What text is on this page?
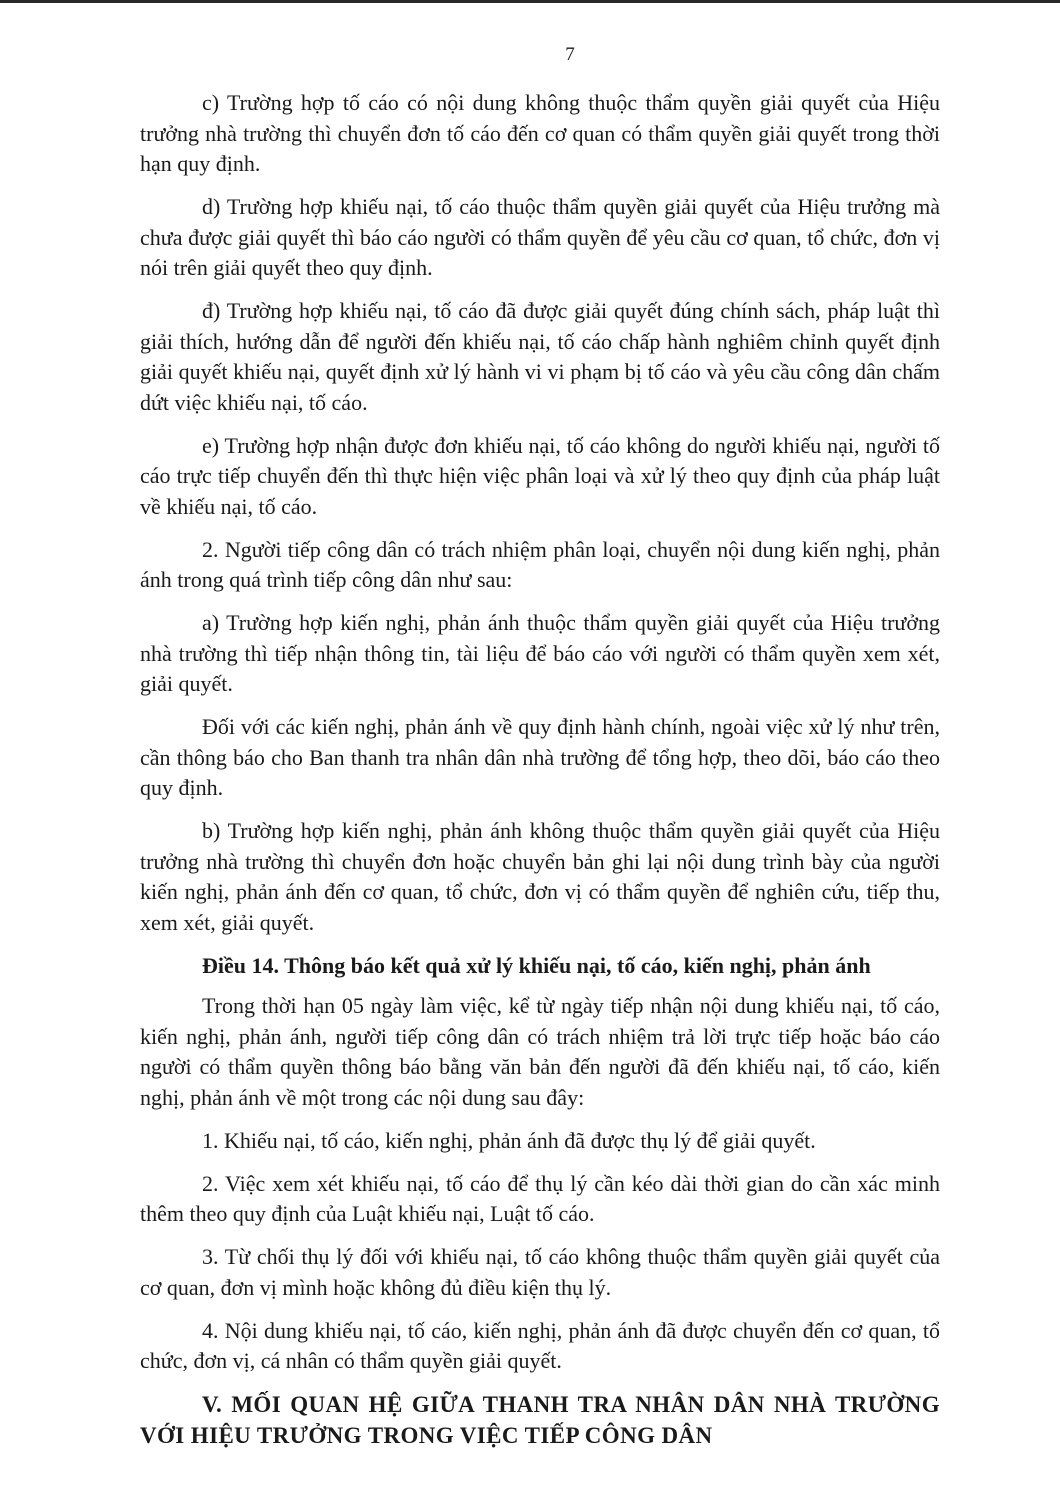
7

c) Trường hợp tố cáo có nội dung không thuộc thẩm quyền giải quyết của Hiệu trưởng nhà trường thì chuyển đơn tố cáo đến cơ quan có thẩm quyền giải quyết trong thời hạn quy định.

d) Trường hợp khiếu nại, tố cáo thuộc thẩm quyền giải quyết của Hiệu trưởng mà chưa được giải quyết thì báo cáo người có thẩm quyền để yêu cầu cơ quan, tổ chức, đơn vị nói trên giải quyết theo quy định.

đ) Trường hợp khiếu nại, tố cáo đã được giải quyết đúng chính sách, pháp luật thì giải thích, hướng dẫn để người đến khiếu nại, tố cáo chấp hành nghiêm chỉnh quyết định giải quyết khiếu nại, quyết định xử lý hành vi vi phạm bị tố cáo và yêu cầu công dân chấm dứt việc khiếu nại, tố cáo.

e) Trường hợp nhận được đơn khiếu nại, tố cáo không do người khiếu nại, người tố cáo trực tiếp chuyển đến thì thực hiện việc phân loại và xử lý theo quy định của pháp luật về khiếu nại, tố cáo.

2. Người tiếp công dân có trách nhiệm phân loại, chuyển nội dung kiến nghị, phản ánh trong quá trình tiếp công dân như sau:

a) Trường hợp kiến nghị, phản ánh thuộc thẩm quyền giải quyết của Hiệu trưởng nhà trường thì tiếp nhận thông tin, tài liệu để báo cáo với người có thẩm quyền xem xét, giải quyết.

Đối với các kiến nghị, phản ánh về quy định hành chính, ngoài việc xử lý như trên, cần thông báo cho Ban thanh tra nhân dân nhà trường để tổng hợp, theo dõi, báo cáo theo quy định.

b) Trường hợp kiến nghị, phản ánh không thuộc thẩm quyền giải quyết của Hiệu trưởng nhà trường thì chuyển đơn hoặc chuyển bản ghi lại nội dung trình bày của người kiến nghị, phản ánh đến cơ quan, tổ chức, đơn vị có thẩm quyền để nghiên cứu, tiếp thu, xem xét, giải quyết.

Điều 14. Thông báo kết quả xử lý khiếu nại, tố cáo, kiến nghị, phản ánh

Trong thời hạn 05 ngày làm việc, kể từ ngày tiếp nhận nội dung khiếu nại, tố cáo, kiến nghị, phản ánh, người tiếp công dân có trách nhiệm trả lời trực tiếp hoặc báo cáo người có thẩm quyền thông báo bằng văn bản đến người đã đến khiếu nại, tố cáo, kiến nghị, phản ánh về một trong các nội dung sau đây:

1. Khiếu nại, tố cáo, kiến nghị, phản ánh đã được thụ lý để giải quyết.

2. Việc xem xét khiếu nại, tố cáo để thụ lý cần kéo dài thời gian do cần xác minh thêm theo quy định của Luật khiếu nại, Luật tố cáo.

3. Từ chối thụ lý đối với khiếu nại, tố cáo không thuộc thẩm quyền giải quyết của cơ quan, đơn vị mình hoặc không đủ điều kiện thụ lý.

4. Nội dung khiếu nại, tố cáo, kiến nghị, phản ánh đã được chuyển đến cơ quan, tổ chức, đơn vị, cá nhân có thẩm quyền giải quyết.

V. MỐI QUAN HỆ GIỮA THANH TRA NHÂN DÂN NHÀ TRƯỜNG VỚI HIỆU TRƯỞNG TRONG VIỆC TIẾP CÔNG DÂN
